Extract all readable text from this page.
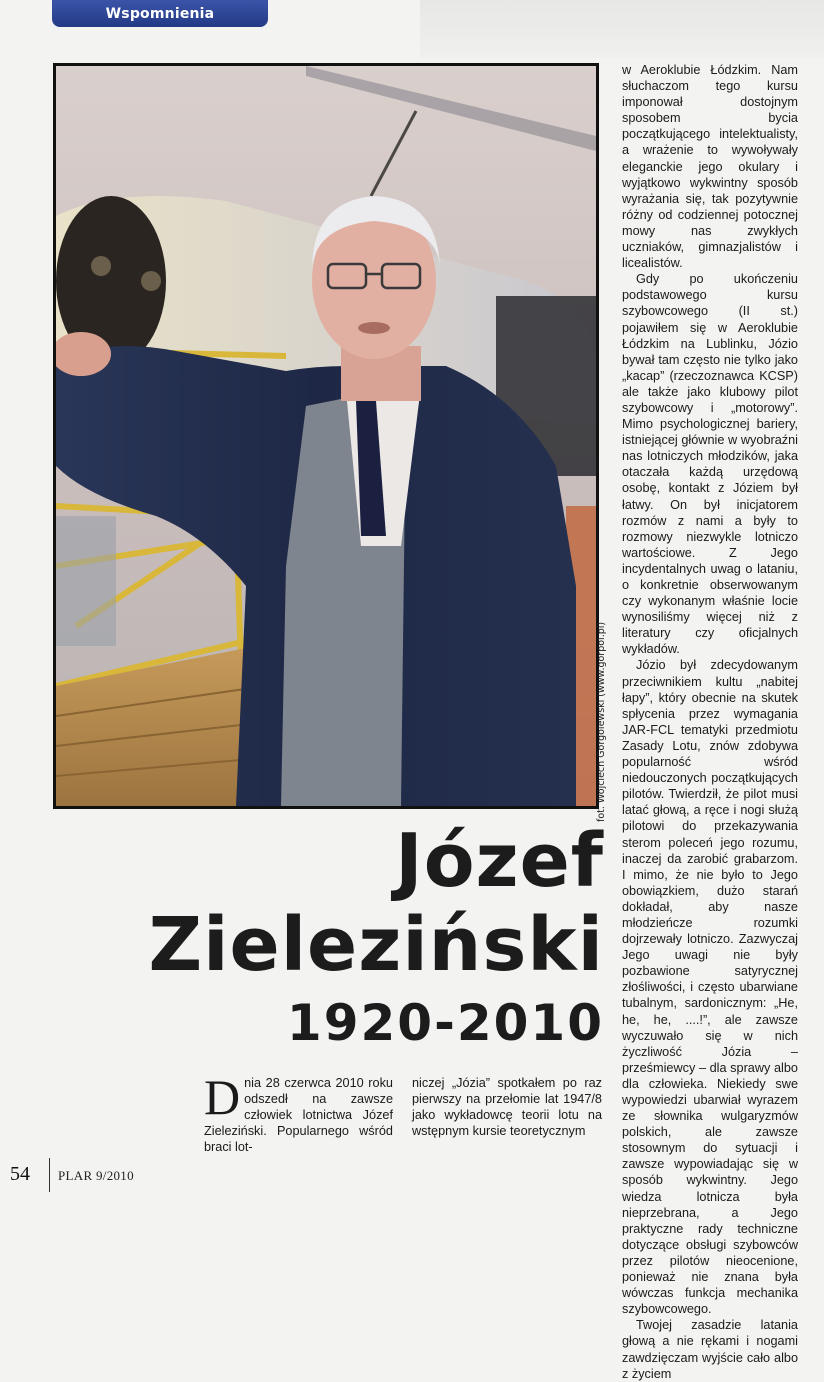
Wspomnienia
fot. Wojciech Gorgolewski (www.gorpol.pl)

w Aeroklubie Łódzkim. Nam słuchaczom tego kursu imponował dostojnym sposobem bycia początkującego intelektualisty, a wrażenie to wywoływały eleganckie jego okulary i wyjątkowo wykwintny sposób wyrażania się, tak pozytywnie różny od codziennej potocznej mowy nas zwykłych uczniaków, gimnazjalistów i licealistów.

Gdy po ukończeniu podstawowego kursu szybowcowego (II st.) pojawiłem się w Aeroklubie Łódzkim na Lublinku, Józio bywał tam często nie tylko jako „kacap” (rzeczoznawca KCSP) ale także jako klubowy pilot szybowcowy i „motorowy”. Mimo psychologicznej bariery, istniejącej głównie w wyobraźni nas lotniczych młodzików, jaka otaczała każdą urzędową osobę, kontakt z Józiem był łatwy. On był inicjatorem rozmów z nami a były to rozmowy niezwykle lotniczo wartościowe. Z Jego incydentalnych uwag o lataniu, o konkretnie obserwowanym czy wykonanym właśnie locie wynosiliśmy więcej niż z literatury czy oficjalnych wykładów.

Józio był zdecydowanym przeciwnikiem kultu „nabitej łapy”, który obecnie na skutek spłycenia przez wymagania JAR-FCL tematyki przedmiotu Zasady Lotu, znów zdobywa popularność wśród niedouczonych początkujących pilotów. Twierdził, że pilot musi latać głową, a ręce i nogi służą pilotowi do przekazywania sterom poleceń jego rozumu, inaczej da zarobić grabarzom. I mimo, że nie było to Jego obowiązkiem, dużo starań dokładał, aby nasze młodzieńcze rozumki dojrzewały lotniczo. Zazwyczaj Jego uwagi nie były pozbawione satyrycznej złośliwości, i często ubarwiane tubalnym, sardonicznym: „He, he, he, ....!”, ale zawsze wyczuwało się w nich życzliwość Józia – prześmiewcy – dla sprawy albo dla człowieka. Niekiedy swe wypowiedzi ubarwiał wyrazem ze słownika wulgaryzmów polskich, ale zawsze stosownym do sytuacji i zawsze wypowiadając się w sposób wykwintny. Jego wiedza lotnicza była nieprzebrana, a Jego praktyczne rady techniczne dotyczące obsługi szybowców przez pilotów nieocenione, ponieważ nie znana była wówczas funkcja mechanika szybowcowego.

Twojej zasadzie latania głową a nie rękami i nogami zawdzięczam wyjście cało albo z życiem

Józef
Zieleziński
1920-2010
Dnia 28 czerwca 2010 roku odszedł na zawsze człowiek lotnictwa Józef Zieleziński. Popularnego wśród braci lot-
niczej „Józia” spotkałem po raz pierwszy na przełomie lat 1947/8 jako wykładowcę teorii lotu na wstępnym kursie teoretycznym
54 PLAR 9/2010
